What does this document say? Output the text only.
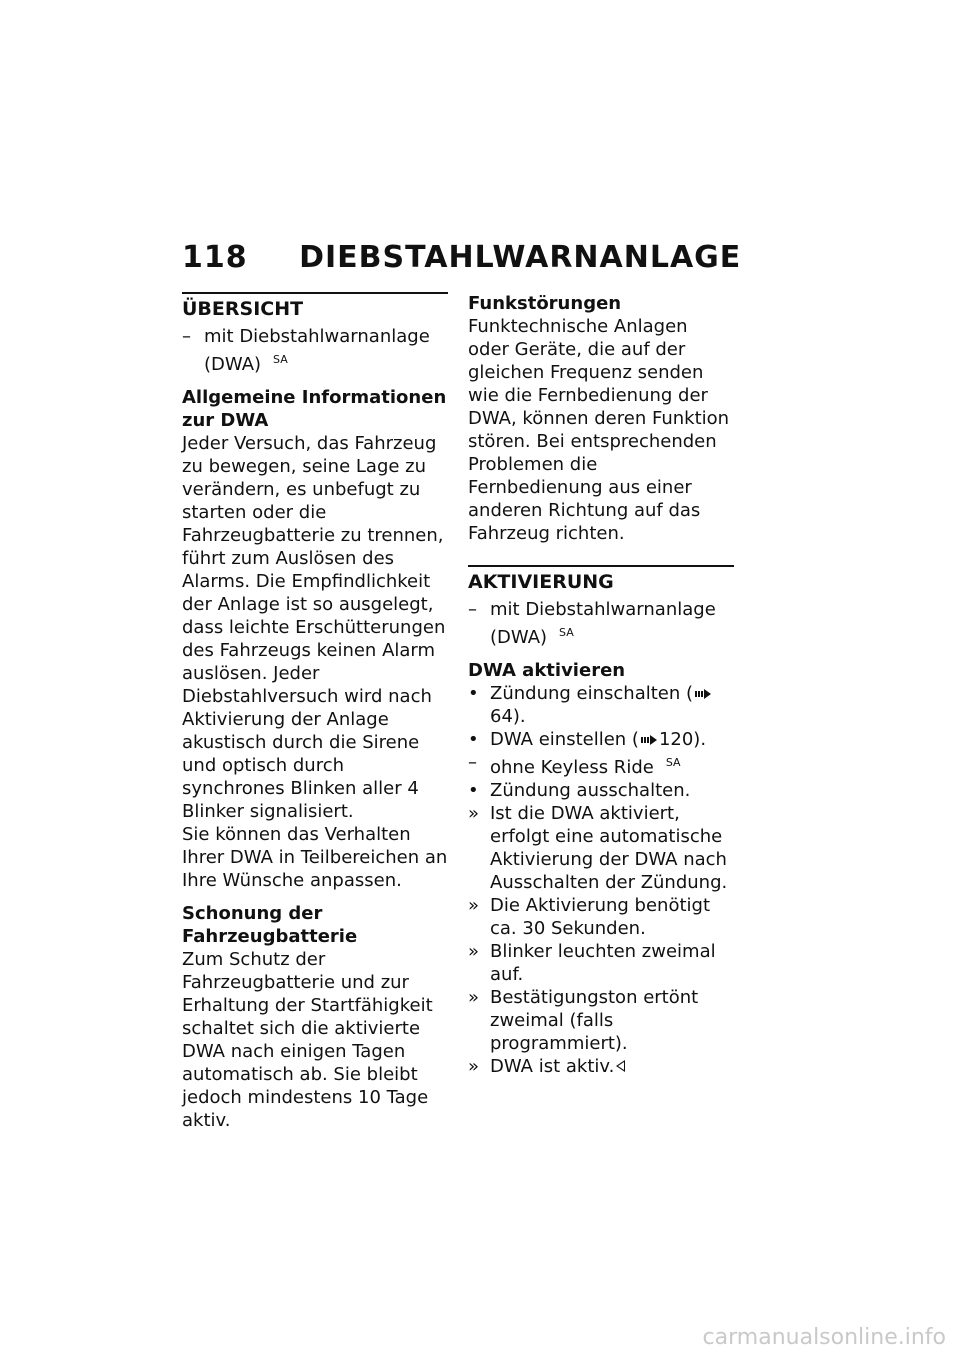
118 DIEBSTAHLWARNANLAGE
ÜBERSICHT
– mit Diebstahlwarnanlage (DWA) $^{SA}$
Allgemeine Informationen zur DWA
Jeder Versuch, das Fahrzeug zu bewegen, seine Lage zu verändern, es unbefugt zu starten oder die Fahrzeugbatterie zu trennen, führt zum Auslösen des Alarms. Die Empfindlichkeit der Anlage ist so ausgelegt, dass leichte Erschütterungen des Fahrzeugs keinen Alarm auslösen. Jeder Diebstahlversuch wird nach Aktivierung der Anlage akustisch durch die Sirene und optisch durch synchrones Blinken aller 4 Blinker signalisiert.

Sie können das Verhalten Ihrer DWA in Teilbereichen an Ihre Wünsche anpassen.

Schonung der Fahrzeugbatterie

Zum Schutz der Fahrzeugbatterie und zur Erhaltung der Startfähigkeit schaltet sich die aktivierte DWA nach einigen Tagen automatisch ab. Sie bleibt jedoch mindestens 10 Tage aktiv.

Funkstörungen

Funktechnische Anlagen oder Geräte, die auf der gleichen Frequenz senden wie die Fernbedienung der DWA, können deren Funktion stören. Bei entsprechenden Problemen die Fernbedienung aus einer anderen Richtung auf das Fahrzeug richten.

AKTIVIERUNG
– mit Diebstahlwarnanlage (DWA) $^{SA}$
DWA aktivieren
• Zündung einschalten (64).
• DWA einstellen ( 120).
– ohne Keyless Ride $^{SA}$
• Zündung ausschalten.
» Ist die DWA aktiviert, erfolgt eine automatische Aktivierung der DWA nach Ausschalten der Zündung.
» Die Aktivierung benötigt ca. 30 Sekunden.
» Blinker leuchten zweimal auf.
» Bestätigungston ertönt zweimal (falls programmiert).
» DWA ist aktiv.
carmanualsonline.info
